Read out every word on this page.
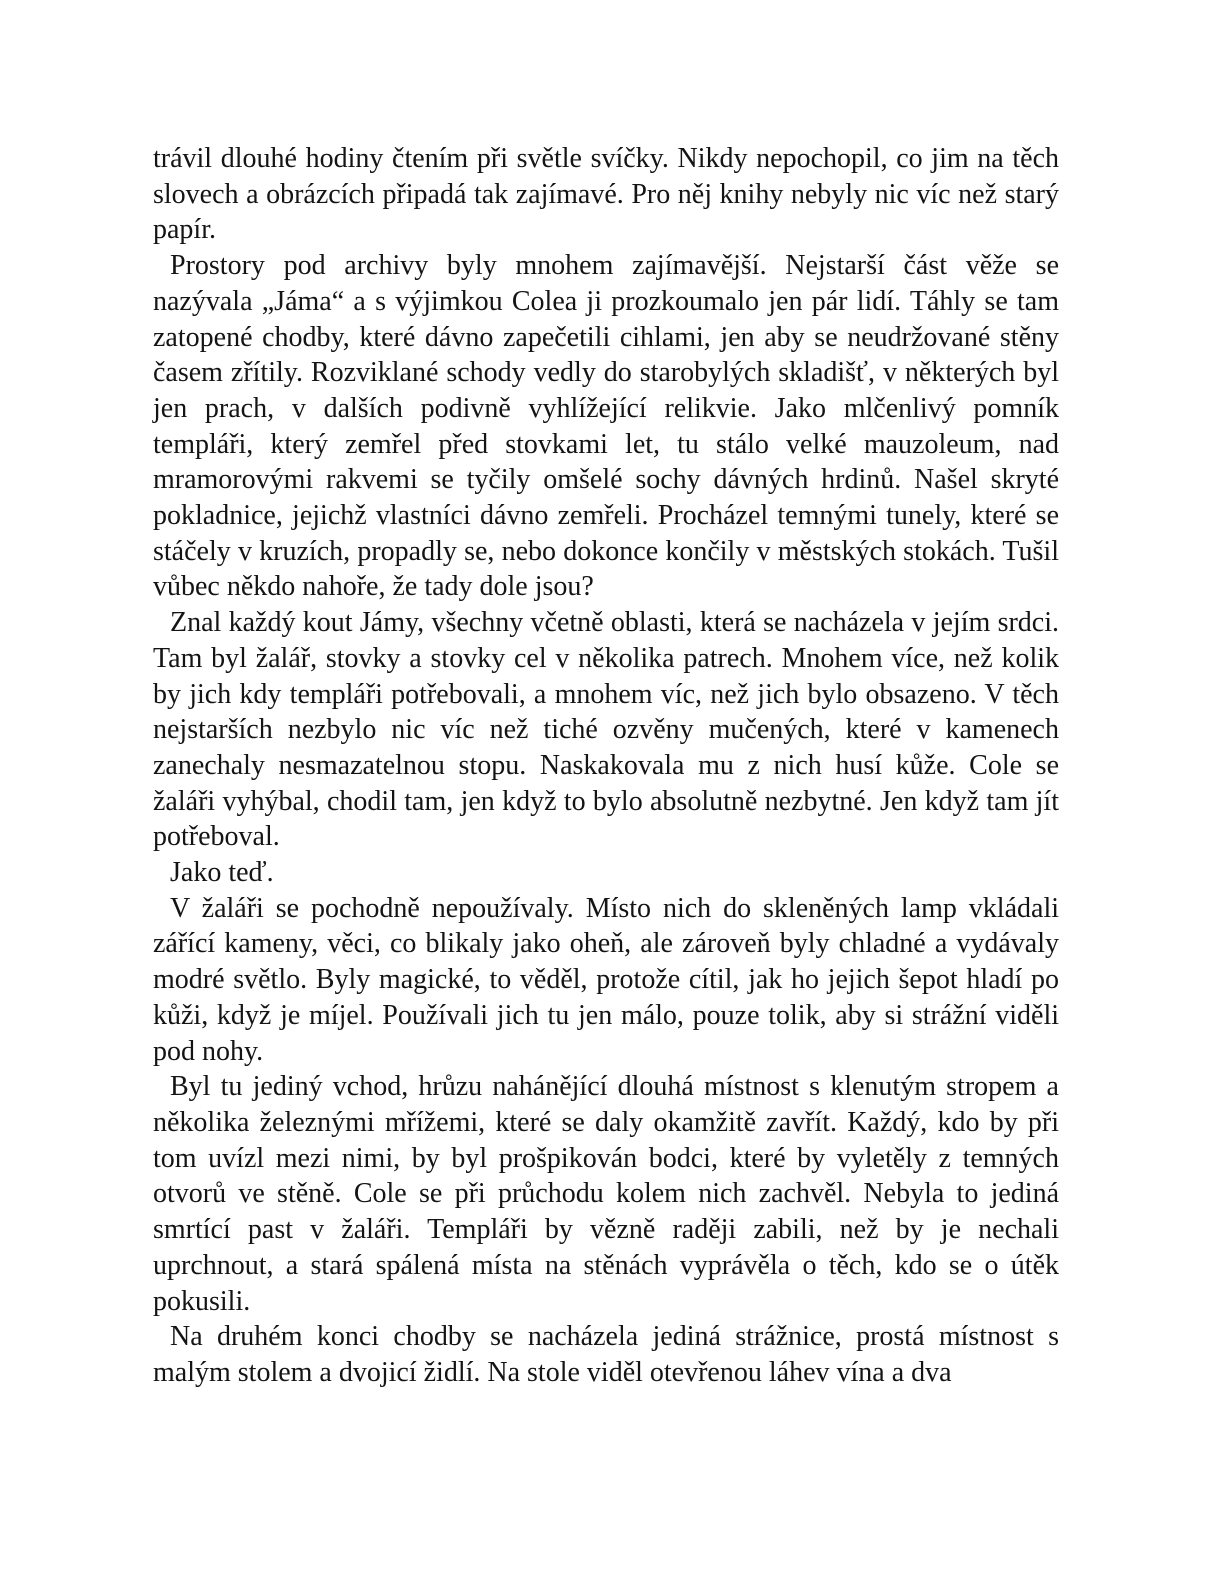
trávil dlouhé hodiny čtením při světle svíčky. Nikdy nepochopil, co jim na těch slovech a obrázcích připadá tak zajímavé. Pro něj knihy nebyly nic víc než starý papír.

Prostory pod archivy byly mnohem zajímavější. Nejstarší část věže se nazývala „Jáma“ a s výjimkou Colea ji prozkoumalo jen pár lidí. Táhly se tam zatopené chodby, které dávno zapečetili cihlami, jen aby se neudržované stěny časem zřítily. Rozviklané schody vedly do starobylých skladišť, v některých byl jen prach, v dalších podivně vyhlížející relikvie. Jako mlčenlivý pomník templáři, který zemřel před stovkami let, tu stálo velké mauzoleum, nad mramorovými rakvemi se tyčily omšelé sochy dávných hrdinů. Našel skryté pokladnice, jejichž vlastníci dávno zemřeli. Procházel temnými tunely, které se stáčely v kruzích, propadly se, nebo dokonce končily v městských stokách. Tušil vůbec někdo nahoře, že tady dole jsou?

Znal každý kout Jámy, všechny včetně oblasti, která se nacházela v jejím srdci. Tam byl žalář, stovky a stovky cel v několika patrech. Mnohem více, než kolik by jich kdy templáři potřebovali, a mnohem víc, než jich bylo obsazeno. V těch nejstarších nezbylo nic víc než tiché ozvěny mučených, které v kamenech zanechaly nesmazatelnou stopu. Naskakovala mu z nich husí kůže. Cole se žaláři vyhýbal, chodil tam, jen když to bylo absolutně nezbytné. Jen když tam jít potřeboval.

Jako teď.

V žaláři se pochodně nepoužívaly. Místo nich do skleněných lamp vkládali zářící kameny, věci, co blikaly jako oheň, ale zároveň byly chladné a vydávaly modré světlo. Byly magické, to věděl, protože cítil, jak ho jejich šepot hladí po kůži, když je míjel. Používali jich tu jen málo, pouze tolik, aby si strážní viděli pod nohy.

Byl tu jediný vchod, hrůzu nahánějící dlouhá místnost s klenutým stropem a několika železnými mřížemi, které se daly okamžitě zavřít. Každý, kdo by při tom uvízl mezi nimi, by byl prošpikován bodci, které by vyletěly z temných otvorů ve stěně. Cole se při průchodu kolem nich zachvěl. Nebyla to jediná smrtící past v žaláři. Templáři by vězně raději zabili, než by je nechali uprchnout, a stará spálená místa na stěnách vyprávěla o těch, kdo se o útěk pokusili.

Na druhém konci chodby se nacházela jediná strážnice, prostá místnost s malým stolem a dvojicí židlí. Na stole viděl otevřenou láhev vína a dva
